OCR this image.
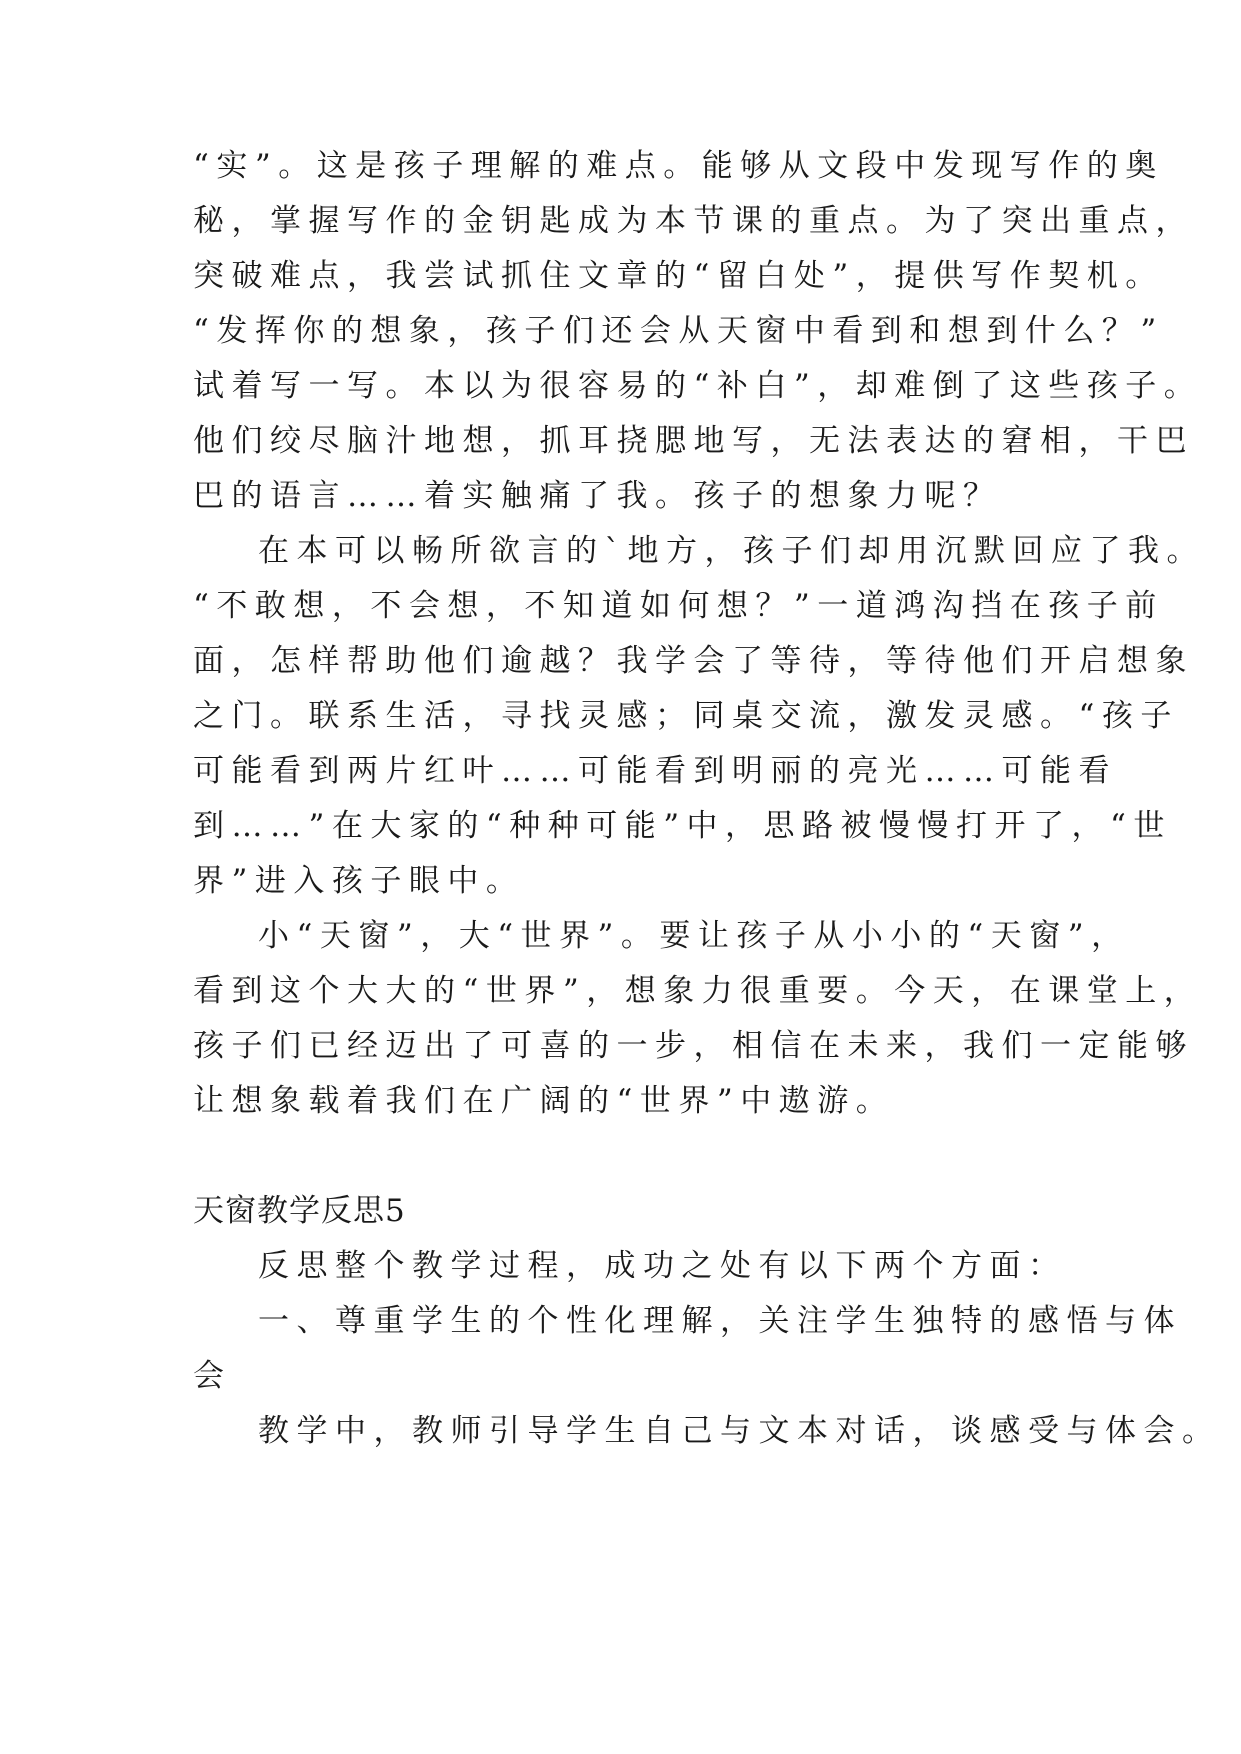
“实”。这是孩子理解的难点。能够从文段中发现写作的奥
秘，掌握写作的金钥匙成为本节课的重点。为了突出重点，
突破难点，我尝试抓住文章的“留白处”，提供写作契机。
“发挥你的想象，孩子们还会从天窗中看到和想到什么？”
试着写一写。本以为很容易的“补白”，却难倒了这些孩子。
他们绞尽脑汁地想，抓耳挠腮地写，无法表达的窘相，干巴
巴的语言……着实触痛了我。孩子的想象力呢？
在本可以畅所欲言的`地方，孩子们却用沉默回应了我。
“不敢想，不会想，不知道如何想？”一道鸿沟挡在孩子前
面，怎样帮助他们逾越？我学会了等待，等待他们开启想象
之门。联系生活，寻找灵感；同桌交流，激发灵感。“孩子
可能看到两片红叶……可能看到明丽的亮光……可能看
到……”在大家的“种种可能”中，思路被慢慢打开了，“世
界”进入孩子眼中。
小“天窗”，大“世界”。要让孩子从小小的“天窗”，
看到这个大大的“世界”，想象力很重要。今天，在课堂上，
孩子们已经迈出了可喜的一步，相信在未来，我们一定能够
让想象载着我们在广阔的“世界”中遨游。
天窗教学反思5
反思整个教学过程，成功之处有以下两个方面：
一、尊重学生的个性化理解，关注学生独特的感悟与体
会
教学中，教师引导学生自己与文本对话，谈感受与体会。
